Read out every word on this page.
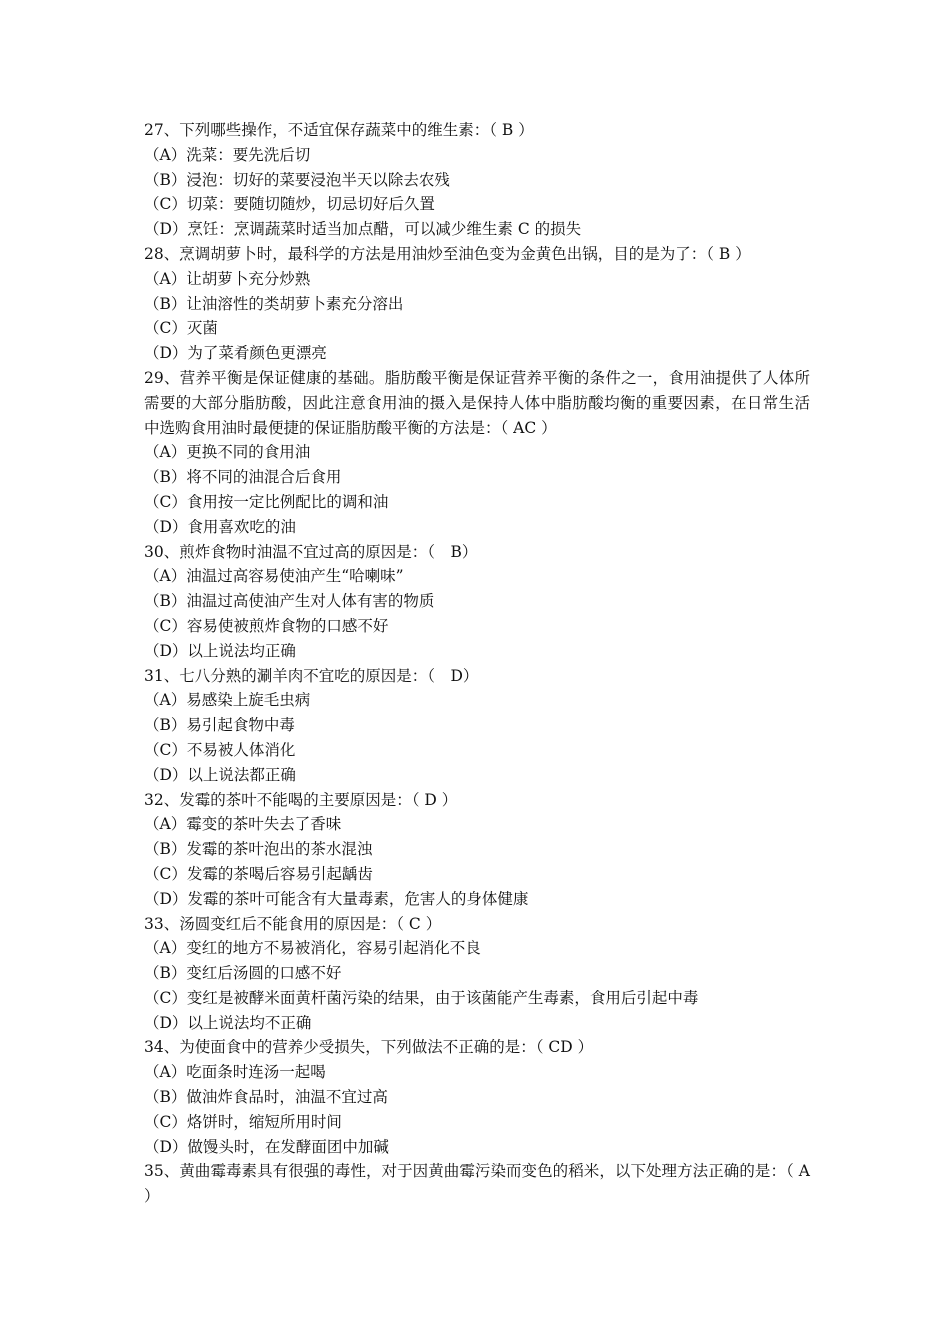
27、下列哪些操作，不适宜保存蔬菜中的维生素：（ B ）
（A）洗菜：要先洗后切
（B）浸泡：切好的菜要浸泡半天以除去农残
（C）切菜：要随切随炒，切忌切好后久置
（D）烹饪：烹调蔬菜时适当加点醋，可以减少维生素 C 的损失
28、烹调胡萝卜时，最科学的方法是用油炒至油色变为金黄色出锅，目的是为了：（ B ）
（A）让胡萝卜充分炒熟
（B）让油溶性的类胡萝卜素充分溶出
（C）灭菌
（D）为了菜肴颜色更漂亮
29、营养平衡是保证健康的基础。脂肪酸平衡是保证营养平衡的条件之一，食用油提供了人体所需要的大部分脂肪酸，因此注意食用油的摄入是保持人体中脂肪酸均衡的重要因素，在日常生活中选购食用油时最便捷的保证脂肪酸平衡的方法是：（ AC ）
（A）更换不同的食用油
（B）将不同的油混合后食用
（C）食用按一定比例配比的调和油
（D）食用喜欢吃的油
30、煎炸食物时油温不宜过高的原因是：（　B）
（A）油温过高容易使油产生“哈喇味”
（B）油温过高使油产生对人体有害的物质
（C）容易使被煎炸食物的口感不好
（D）以上说法均正确
31、七八分熟的涮羊肉不宜吃的原因是：（　D）
（A）易感染上旋毛虫病
（B）易引起食物中毒
（C）不易被人体消化
（D）以上说法都正确
32、发霉的茶叶不能喝的主要原因是：（ D ）
（A）霉变的茶叶失去了香味
（B）发霉的茶叶泡出的茶水混浊
（C）发霉的茶喝后容易引起龋齿
（D）发霉的茶叶可能含有大量毒素，危害人的身体健康
33、汤圆变红后不能食用的原因是：（ C ）
（A）变红的地方不易被消化，容易引起消化不良
（B）变红后汤圆的口感不好
（C）变红是被酵米面黄杆菌污染的结果，由于该菌能产生毒素，食用后引起中毒
（D）以上说法均不正确
34、为使面食中的营养少受损失，下列做法不正确的是：（ CD ）
（A）吃面条时连汤一起喝
（B）做油炸食品时，油温不宜过高
（C）烙饼时，缩短所用时间
（D）做馒头时，在发酵面团中加碱
35、黄曲霉毒素具有很强的毒性，对于因黄曲霉污染而变色的稻米，以下处理方法正确的是：（ A ）
